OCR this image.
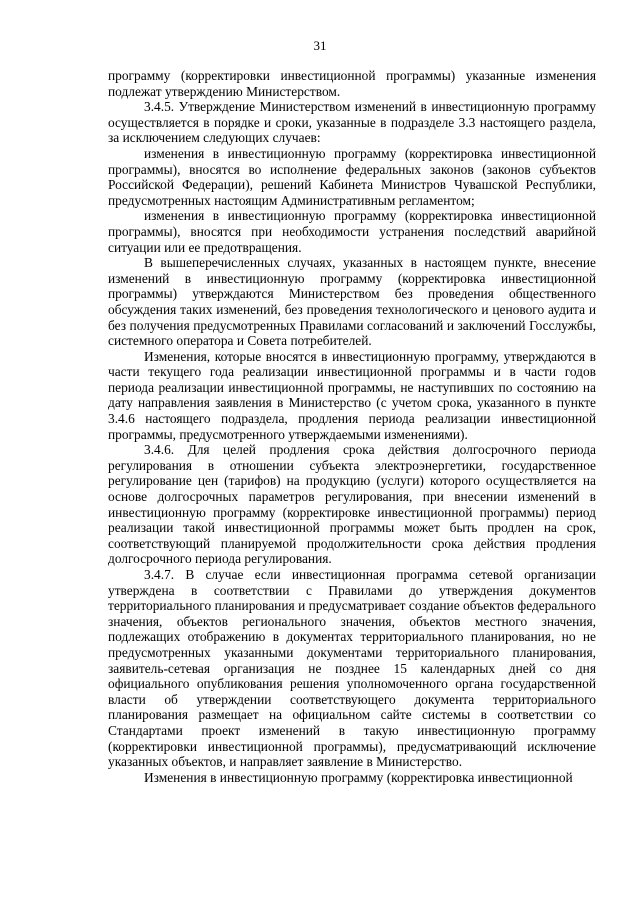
31

программу (корректировки инвестиционной программы) указанные изменения подлежат утверждению Министерством.

3.4.5. Утверждение Министерством изменений в инвестиционную программу осуществляется в порядке и сроки, указанные в подразделе 3.3 настоящего раздела, за исключением следующих случаев:

изменения в инвестиционную программу (корректировка инвестиционной программы), вносятся во исполнение федеральных законов (законов субъектов Российской Федерации), решений Кабинета Министров Чувашской Республики, предусмотренных настоящим Административным регламентом;

изменения в инвестиционную программу (корректировка инвестиционной программы), вносятся при необходимости устранения последствий аварийной ситуации или ее предотвращения.

В вышеперечисленных случаях, указанных в настоящем пункте, внесение изменений в инвестиционную программу (корректировка инвестиционной программы) утверждаются Министерством без проведения общественного обсуждения таких изменений, без проведения технологического и ценового аудита и без получения предусмотренных Правилами согласований и заключений Госслужбы, системного оператора и Совета потребителей.

Изменения, которые вносятся в инвестиционную программу, утверждаются в части текущего года реализации инвестиционной программы и в части годов периода реализации инвестиционной программы, не наступивших по состоянию на дату направления заявления в Министерство (с учетом срока, указанного в пункте 3.4.6 настоящего подраздела, продления периода реализации инвестиционной программы, предусмотренного утверждаемыми изменениями).

3.4.6. Для целей продления срока действия долгосрочного периода регулирования в отношении субъекта электроэнергетики, государственное регулирование цен (тарифов) на продукцию (услуги) которого осуществляется на основе долгосрочных параметров регулирования, при внесении изменений в инвестиционную программу (корректировке инвестиционной программы) период реализации такой инвестиционной программы может быть продлен на срок, соответствующий планируемой продолжительности срока действия продления долгосрочного периода регулирования.

3.4.7. В случае если инвестиционная программа сетевой организации утверждена в соответствии с Правилами до утверждения документов территориального планирования и предусматривает создание объектов федерального значения, объектов регионального значения, объектов местного значения, подлежащих отображению в документах территориального планирования, но не предусмотренных указанными документами территориального планирования, заявитель-сетевая организация не позднее 15 календарных дней со дня официального опубликования решения уполномоченного органа государственной власти об утверждении соответствующего документа территориального планирования размещает на официальном сайте системы в соответствии со Стандартами проект изменений в такую инвестиционную программу (корректировки инвестиционной программы), предусматривающий исключение указанных объектов, и направляет заявление в Министерство.

Изменения в инвестиционную программу (корректировка инвестиционной
